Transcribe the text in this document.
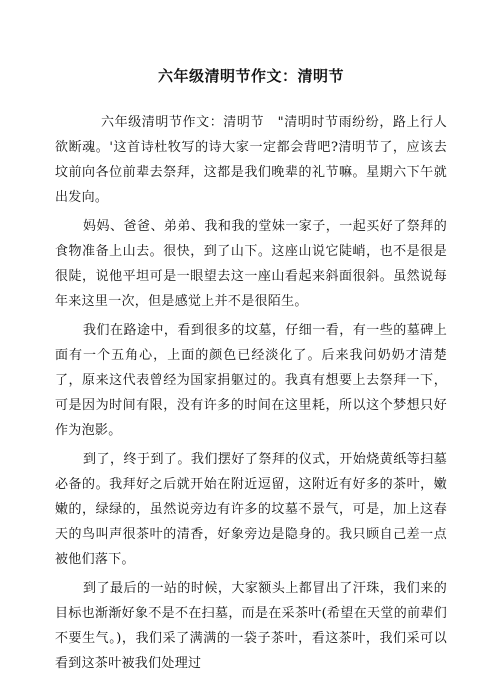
六年级清明节作文：清明节

六年级清明节作文：清明节　"清明时节雨纷纷，路上行人欲断魂。'这首诗杜牧写的诗大家一定都会背吧?清明节了，应该去坟前向各位前辈去祭拜，这都是我们晚辈的礼节嘛。星期六下午就出发向。

妈妈、爸爸、弟弟、我和我的堂妹一家子，一起买好了祭拜的食物准备上山去。很快，到了山下。这座山说它陡峭，也不是很是很陡，说他平坦可是一眼望去这一座山看起来斜面很斜。虽然说每年来这里一次，但是感觉上并不是很陌生。

我们在路途中，看到很多的坟墓，仔细一看，有一些的墓碑上面有一个五角心，上面的颜色已经淡化了。后来我问奶奶才清楚了，原来这代表曾经为国家捐躯过的。我真有想要上去祭拜一下，可是因为时间有限，没有许多的时间在这里耗，所以这个梦想只好作为泡影。

到了，终于到了。我们摆好了祭拜的仪式，开始烧黄纸等扫墓必备的。我拜好之后就开始在附近逗留，这附近有好多的茶叶，嫩嫩的，绿绿的，虽然说旁边有许多的坟墓不景气，可是，加上这春天的鸟叫声很茶叶的清香，好象旁边是隐身的。我只顾自己差一点被他们落下。

到了最后的一站的时候，大家额头上都冒出了汗珠，我们来的目标也渐渐好象不是不在扫墓，而是在采茶叶(希望在天堂的前辈们不要生气。)，我们采了满满的一袋子茶叶，看这茶叶，我们采可以看到这茶叶被我们处理过
